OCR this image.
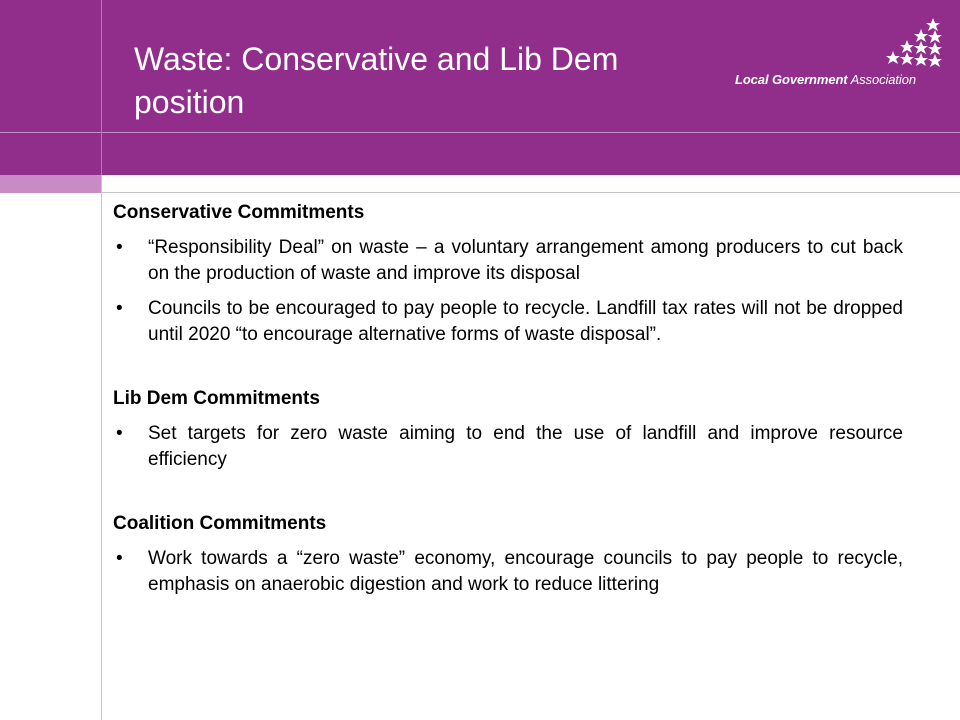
Waste: Conservative and Lib Dem
position
Local Government Association

Conservative Commitments

• “Responsibility Deal” on waste – a voluntary arrangement among producers to cut back on the production of waste and improve its disposal
• Councils to be encouraged to pay people to recycle. Landfill tax rates will not be dropped until 2020 “to encourage alternative forms of waste disposal”.

Lib Dem Commitments

• Set targets for zero waste aiming to end the use of landfill and improve resource efficiency

Coalition Commitments

• Work towards a “zero waste” economy, encourage councils to pay people to recycle, emphasis on anaerobic digestion and work to reduce littering
